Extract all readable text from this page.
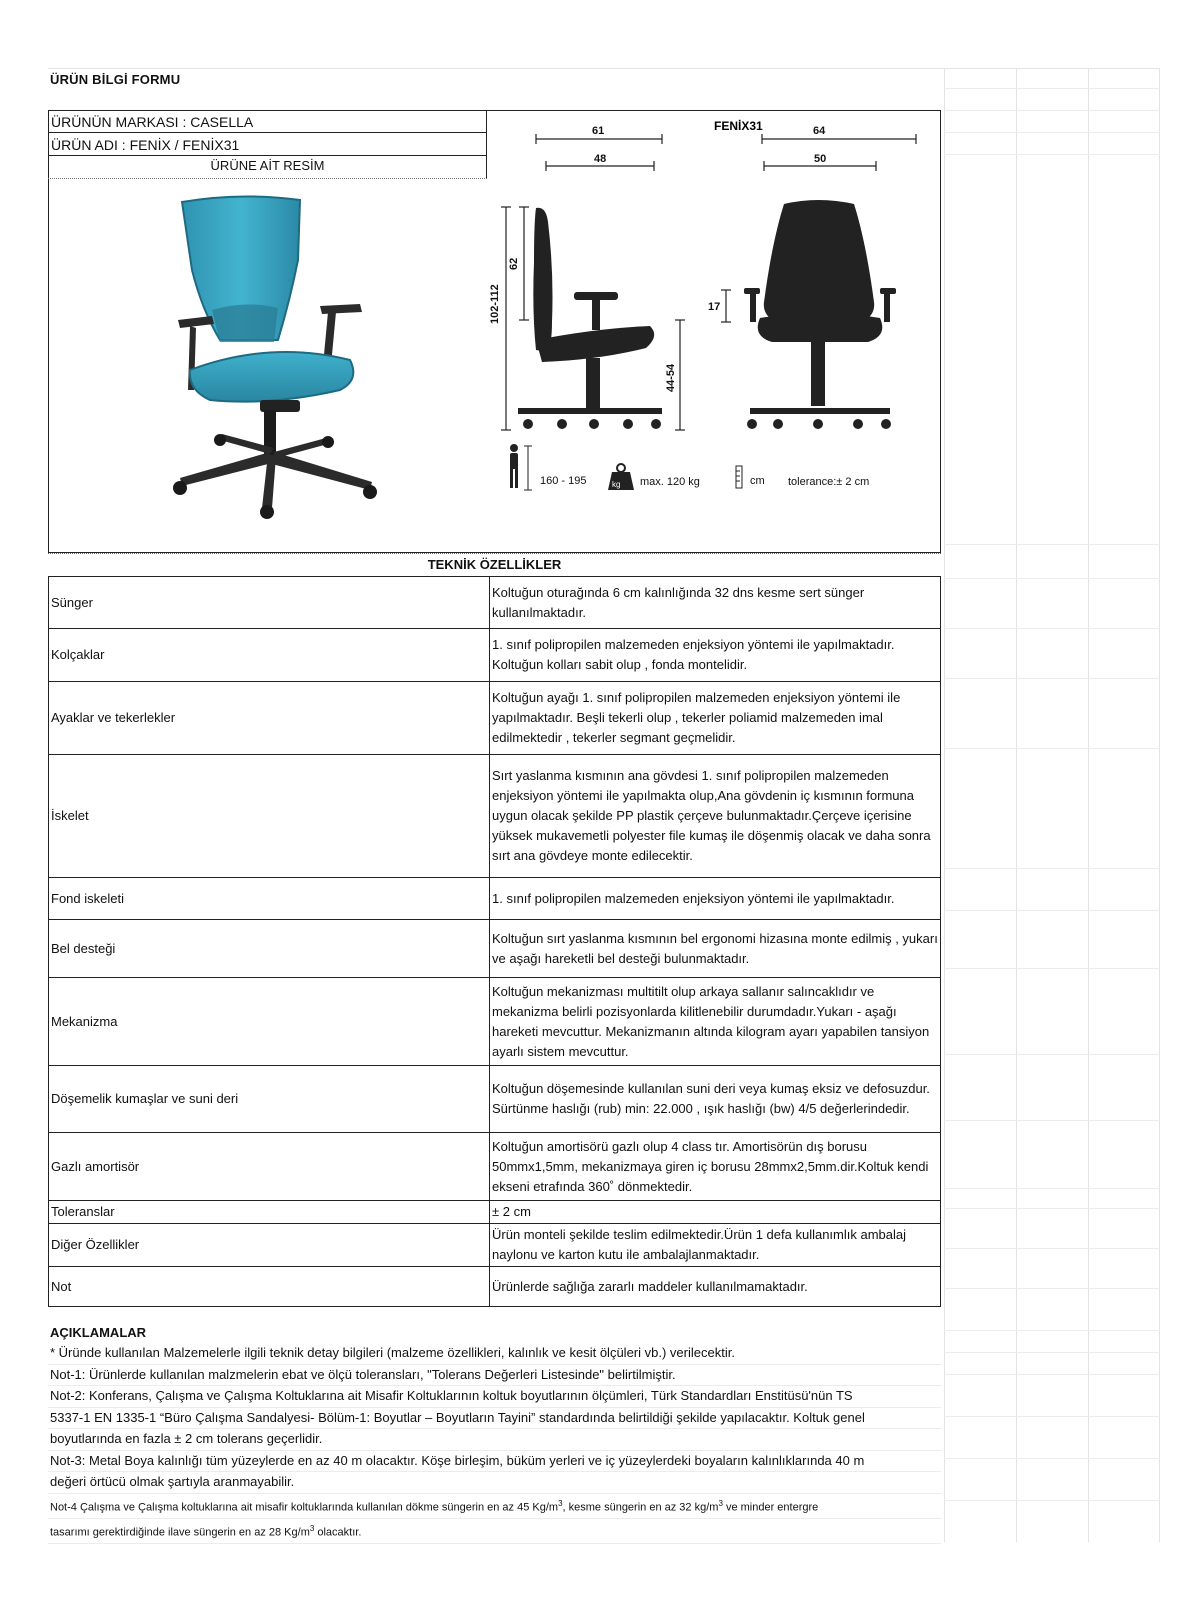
ÜRÜN BİLGİ FORMU
ÜRÜNÜN MARKASI : CASELLA
ÜRÜN ADI : FENİX / FENİX31
ÜRÜNE AİT RESİM
FENİX31
61
48
64
50
102-112
62
44-54
17
kg
160 - 195	max. 120 kg	cm tolerance:± 2 cm
TEKNİK ÖZELLİKLER
Sünger	Koltuğun oturağında 6 cm kalınlığında 32 dns kesme sert sünger kullanılmaktadır.
Kolçaklar	1. sınıf polipropilen malzemeden enjeksiyon yöntemi ile yapılmaktadır. Koltuğun kolları sabit olup , fonda montelidir.
Ayaklar ve tekerlekler	Koltuğun ayağı 1. sınıf polipropilen malzemeden enjeksiyon yöntemi ile yapılmaktadır. Beşli tekerli olup , tekerler poliamid malzemeden imal edilmektedir , tekerler segmant geçmelidir.
İskelet	Sırt yaslanma kısmının ana gövdesi 1. sınıf polipropilen malzemeden enjeksiyon yöntemi ile yapılmakta olup,Ana gövdenin iç kısmının formuna uygun olacak şekilde PP plastik çerçeve bulunmaktadır.Çerçeve içerisine yüksek mukavemetli polyester file kumaş ile döşenmiş olacak ve daha sonra sırt ana gövdeye monte edilecektir.
Fond iskeleti	1. sınıf polipropilen malzemeden enjeksiyon yöntemi ile yapılmaktadır.
Bel desteği	Koltuğun sırt yaslanma kısmının bel ergonomi hizasına monte edilmiş , yukarı ve aşağı hareketli bel desteği bulunmaktadır.
Mekanizma	Koltuğun mekanizması multitilt olup arkaya sallanır salıncaklıdır ve mekanizma belirli pozisyonlarda kilitlenebilir durumdadır.Yukarı - aşağı hareketi mevcuttur. Mekanizmanın altında kilogram ayarı yapabilen tansiyon ayarlı sistem mevcuttur.
Döşemelik kumaşlar ve suni deri	Koltuğun döşemesinde kullanılan suni deri veya kumaş eksiz ve defosuzdur. Sürtünme haslığı (rub) min: 22.000 , ışık haslığı (bw) 4/5 değerlerindedir.
Gazlı amortisör	Koltuğun amortisörü gazlı olup 4 class tır. Amortisörün dış borusu 50mmx1,5mm, mekanizmaya giren iç borusu 28mmx2,5mm.dir.Koltuk kendi ekseni etrafında 360˚ dönmektedir.
Toleranslar	± 2 cm
Diğer Özellikler	Ürün monteli şekilde teslim edilmektedir.Ürün 1 defa kullanımlık ambalaj naylonu ve karton kutu ile ambalajlanmaktadır.
Not	Ürünlerde sağlığa zararlı maddeler kullanılmamaktadır.
AÇIKLAMALAR
* Üründe kullanılan Malzemelerle ilgili teknik detay bilgileri (malzeme özellikleri, kalınlık ve kesit ölçüleri vb.) verilecektir.
Not-1: Ürünlerde kullanılan malzmelerin ebat ve ölçü toleransları, "Tolerans Değerleri Listesinde" belirtilmiştir.
Not-2: Konferans, Çalışma ve Çalışma Koltuklarına ait Misafir Koltuklarının koltuk boyutlarının ölçümleri, Türk Standardları Enstitüsü'nün TS
5337-1 EN 1335-1 “Büro Çalışma Sandalyesi- Bölüm-1: Boyutlar – Boyutların Tayini” standardında belirtildiği şekilde yapılacaktır. Koltuk genel
boyutlarında en fazla ± 2 cm tolerans geçerlidir.
Not-3: Metal Boya kalınlığı tüm yüzeylerde en az 40 m olacaktır. Köşe birleşim, büküm yerleri ve iç yüzeylerdeki boyaların kalınlıklarında 40 m
değeri örtücü olmak şartıyla aranmayabilir.
Not-4 Çalışma ve Çalışma koltuklarına ait misafir koltuklarında kullanılan dökme süngerin en az 45 $Kg/m^3$, kesme süngerin en az 32 $kg/m^3$ ve minder entergre
tasarımı gerektirdiğinde ilave süngerin en az 28 $Kg/m^3$ olacaktır.
